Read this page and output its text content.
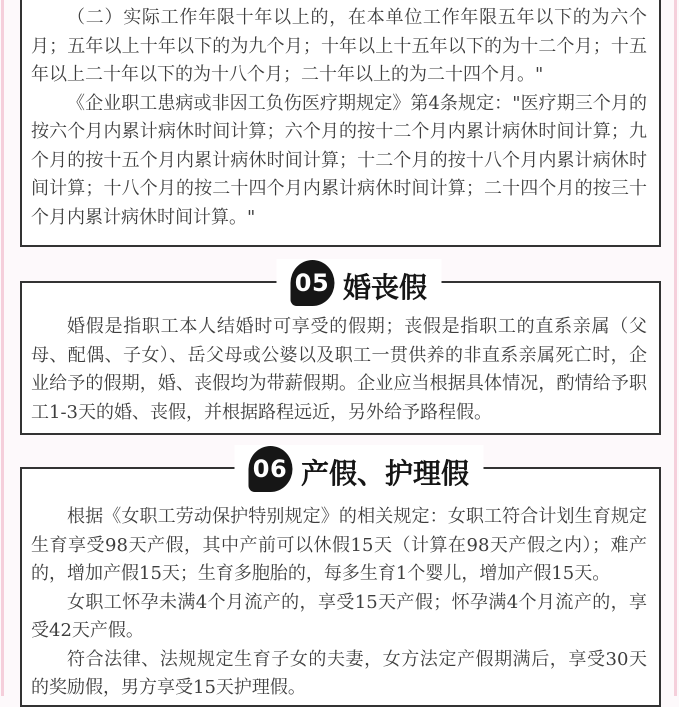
（二）实际工作年限十年以上的，在本单位工作年限五年以下的为六个月；五年以上十年以下的为九个月；十年以上十五年以下的为十二个月；十五年以上二十年以下的为十八个月；二十年以上的为二十四个月。"

《企业职工患病或非因工负伤医疗期规定》第4条规定："医疗期三个月的按六个月内累计病休时间计算；六个月的按十二个月内累计病休时间计算；九个月的按十五个月内累计病休时间计算；十二个月的按十八个月内累计病休时间计算；十八个月的按二十四个月内累计病休时间计算；二十四个月的按三十个月内累计病休时间计算。"

05 婚丧假

婚假是指职工本人结婚时可享受的假期；丧假是指职工的直系亲属（父母、配偶、子女）、岳父母或公婆以及职工一贯供养的非直系亲属死亡时，企业给予的假期，婚、丧假均为带薪假期。企业应当根据具体情况，酌情给予职工1-3天的婚、丧假，并根据路程远近，另外给予路程假。

06 产假、护理假

根据《女职工劳动保护特别规定》的相关规定：女职工符合计划生育规定生育享受98天产假，其中产前可以休假15天（计算在98天产假之内）；难产的，增加产假15天；生育多胞胎的，每多生育1个婴儿，增加产假15天。

女职工怀孕未满4个月流产的，享受15天产假；怀孕满4个月流产的，享受42天产假。

符合法律、法规规定生育子女的夫妻，女方法定产假期满后，享受30天的奖励假，男方享受15天护理假。
